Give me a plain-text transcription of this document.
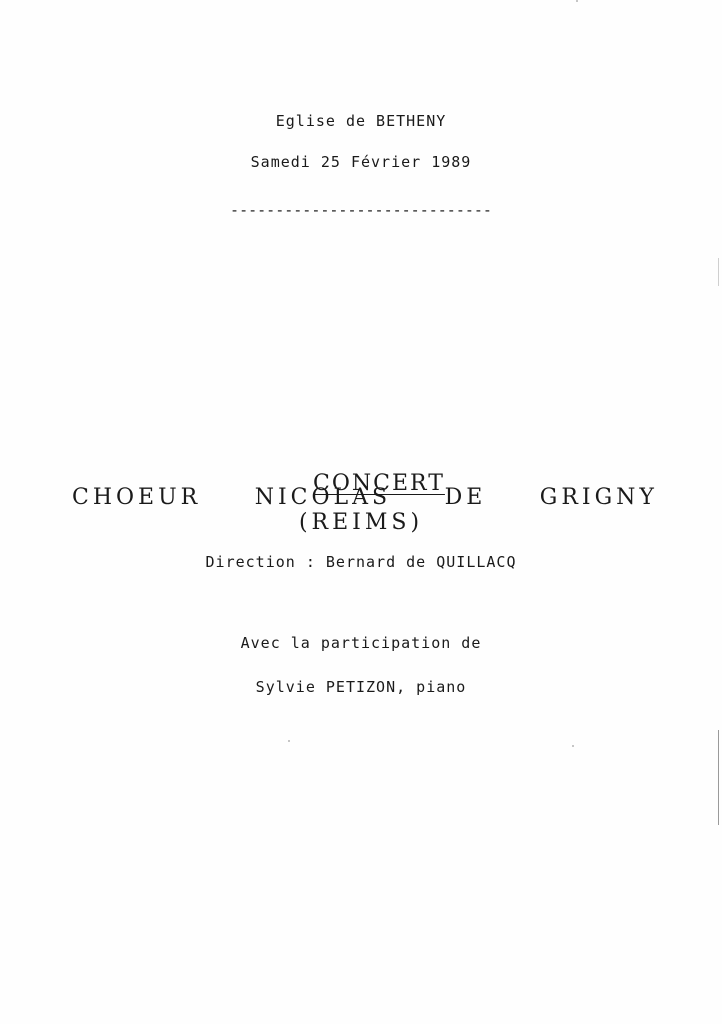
Eglise de BETHENY
Samedi 25 Février 1989
-----------------------------

CONCERT

CHOEUR NICOLAS DE GRIGNY
(REIMS)
Direction : Bernard de QUILLACQ
Avec la participation de
Sylvie PETIZON, piano
